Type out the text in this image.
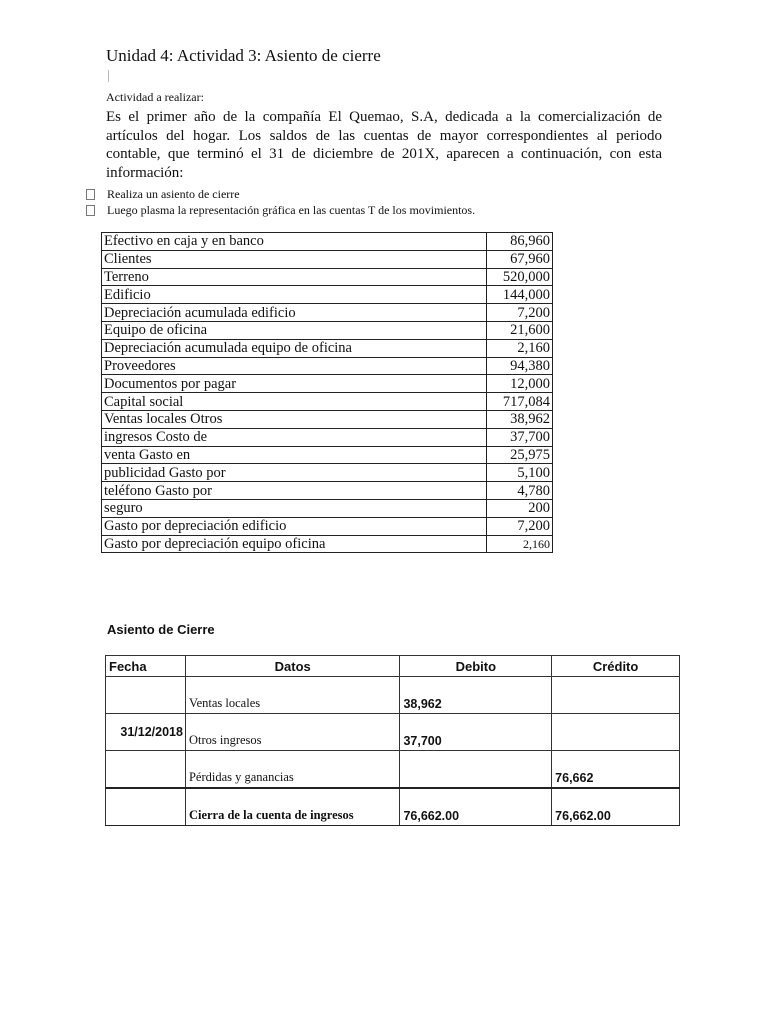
Unidad 4: Actividad 3: Asiento de cierre
Actividad a realizar:
Es el primer año de la compañía El Quemao, S.A, dedicada a la comercialización de artículos del hogar. Los saldos de las cuentas de mayor correspondientes al periodo contable, que terminó el 31 de diciembre de 201X, aparecen a continuación, con esta información:
Realiza un asiento de cierre
Luego plasma la representación gráfica en las cuentas T de los movimientos.
Efectivo en caja y en banco	86,960
Clientes	67,960
Terreno	520,000
Edificio	144,000
Depreciación acumulada edificio	7,200
Equipo de oficina	21,600
Depreciación acumulada equipo de oficina	2,160
Proveedores	94,380
Documentos por pagar	12,000
Capital social	717,084
Ventas locales Otros	38,962
ingresos Costo de	37,700
venta Gasto en	25,975
publicidad Gasto por	5,100
teléfono Gasto por	4,780
seguro	200
Gasto por depreciación edificio	7,200
Gasto por depreciación equipo oficina	2,160
Asiento de Cierre
Fecha	Datos	Debito	Crédito
	Ventas locales	38,962	
31/12/2018	Otros ingresos	37,700	
	Pérdidas y ganancias		76,662
	Cierra de la cuenta de ingresos	76,662.00	76,662.00
